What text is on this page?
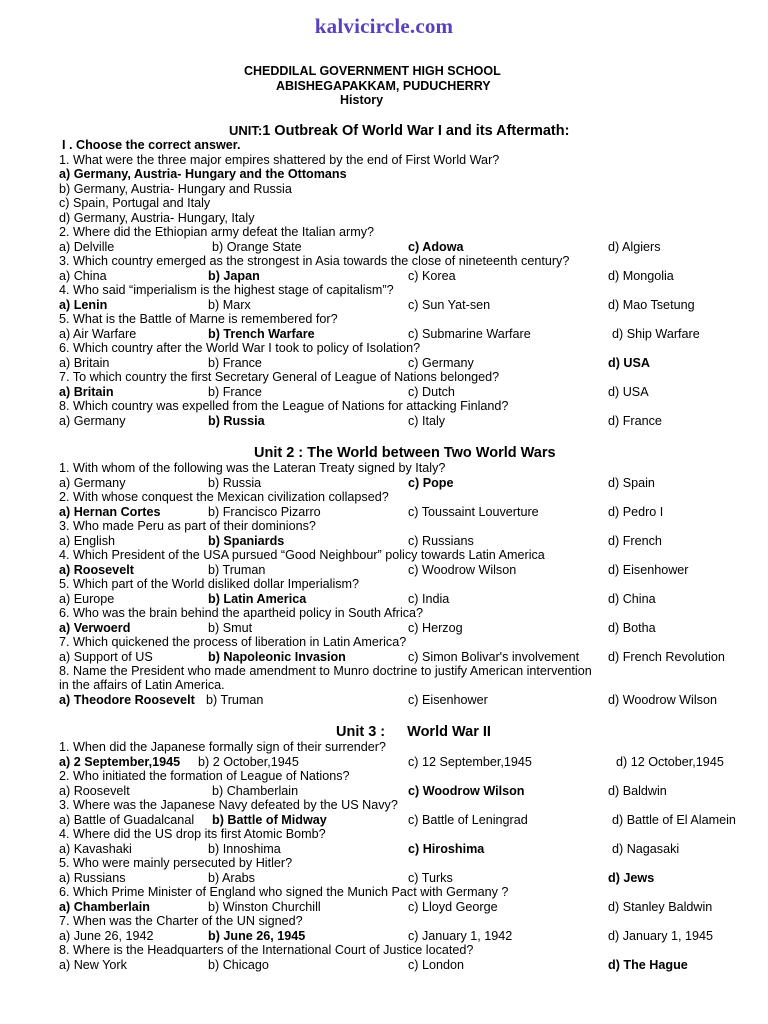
kalvicircle.com
CHEDDILAL GOVERNMENT HIGH SCHOOL
ABISHEGAPAKKAM, PUDUCHERRY
History
UNIT:1 Outbreak Of World War I and its Aftermath:
I . Choose the correct answer.
1. What were the three major empires shattered by the end of First World War?
a) Germany, Austria- Hungary and the Ottomans
b) Germany, Austria- Hungary and Russia
c) Spain, Portugal and Italy
d) Germany, Austria- Hungary, Italy
2. Where did the Ethiopian army defeat the Italian army?
a) Delville	b) Orange State	c) Adowa	d) Algiers
3. Which country emerged as the strongest in Asia towards the close of nineteenth century?
a) China	b) Japan	c) Korea	d) Mongolia
4. Who said “imperialism is the highest stage of capitalism”?
a) Lenin	b) Marx	c) Sun Yat-sen	d) Mao Tsetung
5. What is the Battle of Marne is remembered for?
a) Air Warfare	b) Trench Warfare	c) Submarine Warfare	d) Ship Warfare
6. Which country after the World War I took to policy of Isolation?
a) Britain	b) France	c) Germany	d) USA
7. To which country the first Secretary General of League of Nations belonged?
a) Britain	b) France	c) Dutch	d) USA
8. Which country was expelled from the League of Nations for attacking Finland?
a) Germany	b) Russia	c) Italy	d) France
Unit 2 : The World between Two World Wars
1. With whom of the following was the Lateran Treaty signed by Italy?
a) Germany	b) Russia	c) Pope	d) Spain
2. With whose conquest the Mexican civilization collapsed?
a) Hernan Cortes	b) Francisco Pizarro	c) Toussaint Louverture	d) Pedro I
3. Who made Peru as part of their dominions?
a) English	b) Spaniards	c) Russians	d) French
4. Which President of the USA pursued “Good Neighbour” policy towards Latin America
a) Roosevelt	b) Truman	c) Woodrow Wilson	d) Eisenhower
5. Which part of the World disliked dollar Imperialism?
a) Europe	b) Latin America	c) India	d) China
6. Who was the brain behind the apartheid policy in South Africa?
a) Verwoerd	b) Smut	c) Herzog	d) Botha
7. Which quickened the process of liberation in Latin America?
a) Support of US	b) Napoleonic Invasion	c) Simon Bolivar's involvement d) French Revolution
8. Name the President who made amendment to Munro doctrine to justify American intervention
in the affairs of Latin America.
a) Theodore Roosevelt b) Truman	c) Eisenhower	d) Woodrow Wilson
Unit 3 : World War II
1. When did the Japanese formally sign of their surrender?
a) 2 September,1945 b) 2 October,1945	c) 12 September,1945	d) 12 October,1945
2. Who initiated the formation of League of Nations?
a) Roosevelt	b) Chamberlain	c) Woodrow Wilson	d) Baldwin
3. Where was the Japanese Navy defeated by the US Navy?
a) Battle of Guadalcanal b) Battle of Midway	c) Battle of Leningrad	d) Battle of El Alamein
4. Where did the US drop its first Atomic Bomb?
a) Kavashaki	b) Innoshima	c) Hiroshima	d) Nagasaki
5. Who were mainly persecuted by Hitler?
a) Russians	b) Arabs	c) Turks	d) Jews
6. Which Prime Minister of England who signed the Munich Pact with Germany ?
a) Chamberlain	b) Winston Churchill	c) Lloyd George	d) Stanley Baldwin
7. When was the Charter of the UN signed?
a) June 26, 1942	b) June 26, 1945	c) January 1, 1942	d) January 1, 1945
8. Where is the Headquarters of the International Court of Justice located?
a) New York	b) Chicago	c) London	d) The Hague
